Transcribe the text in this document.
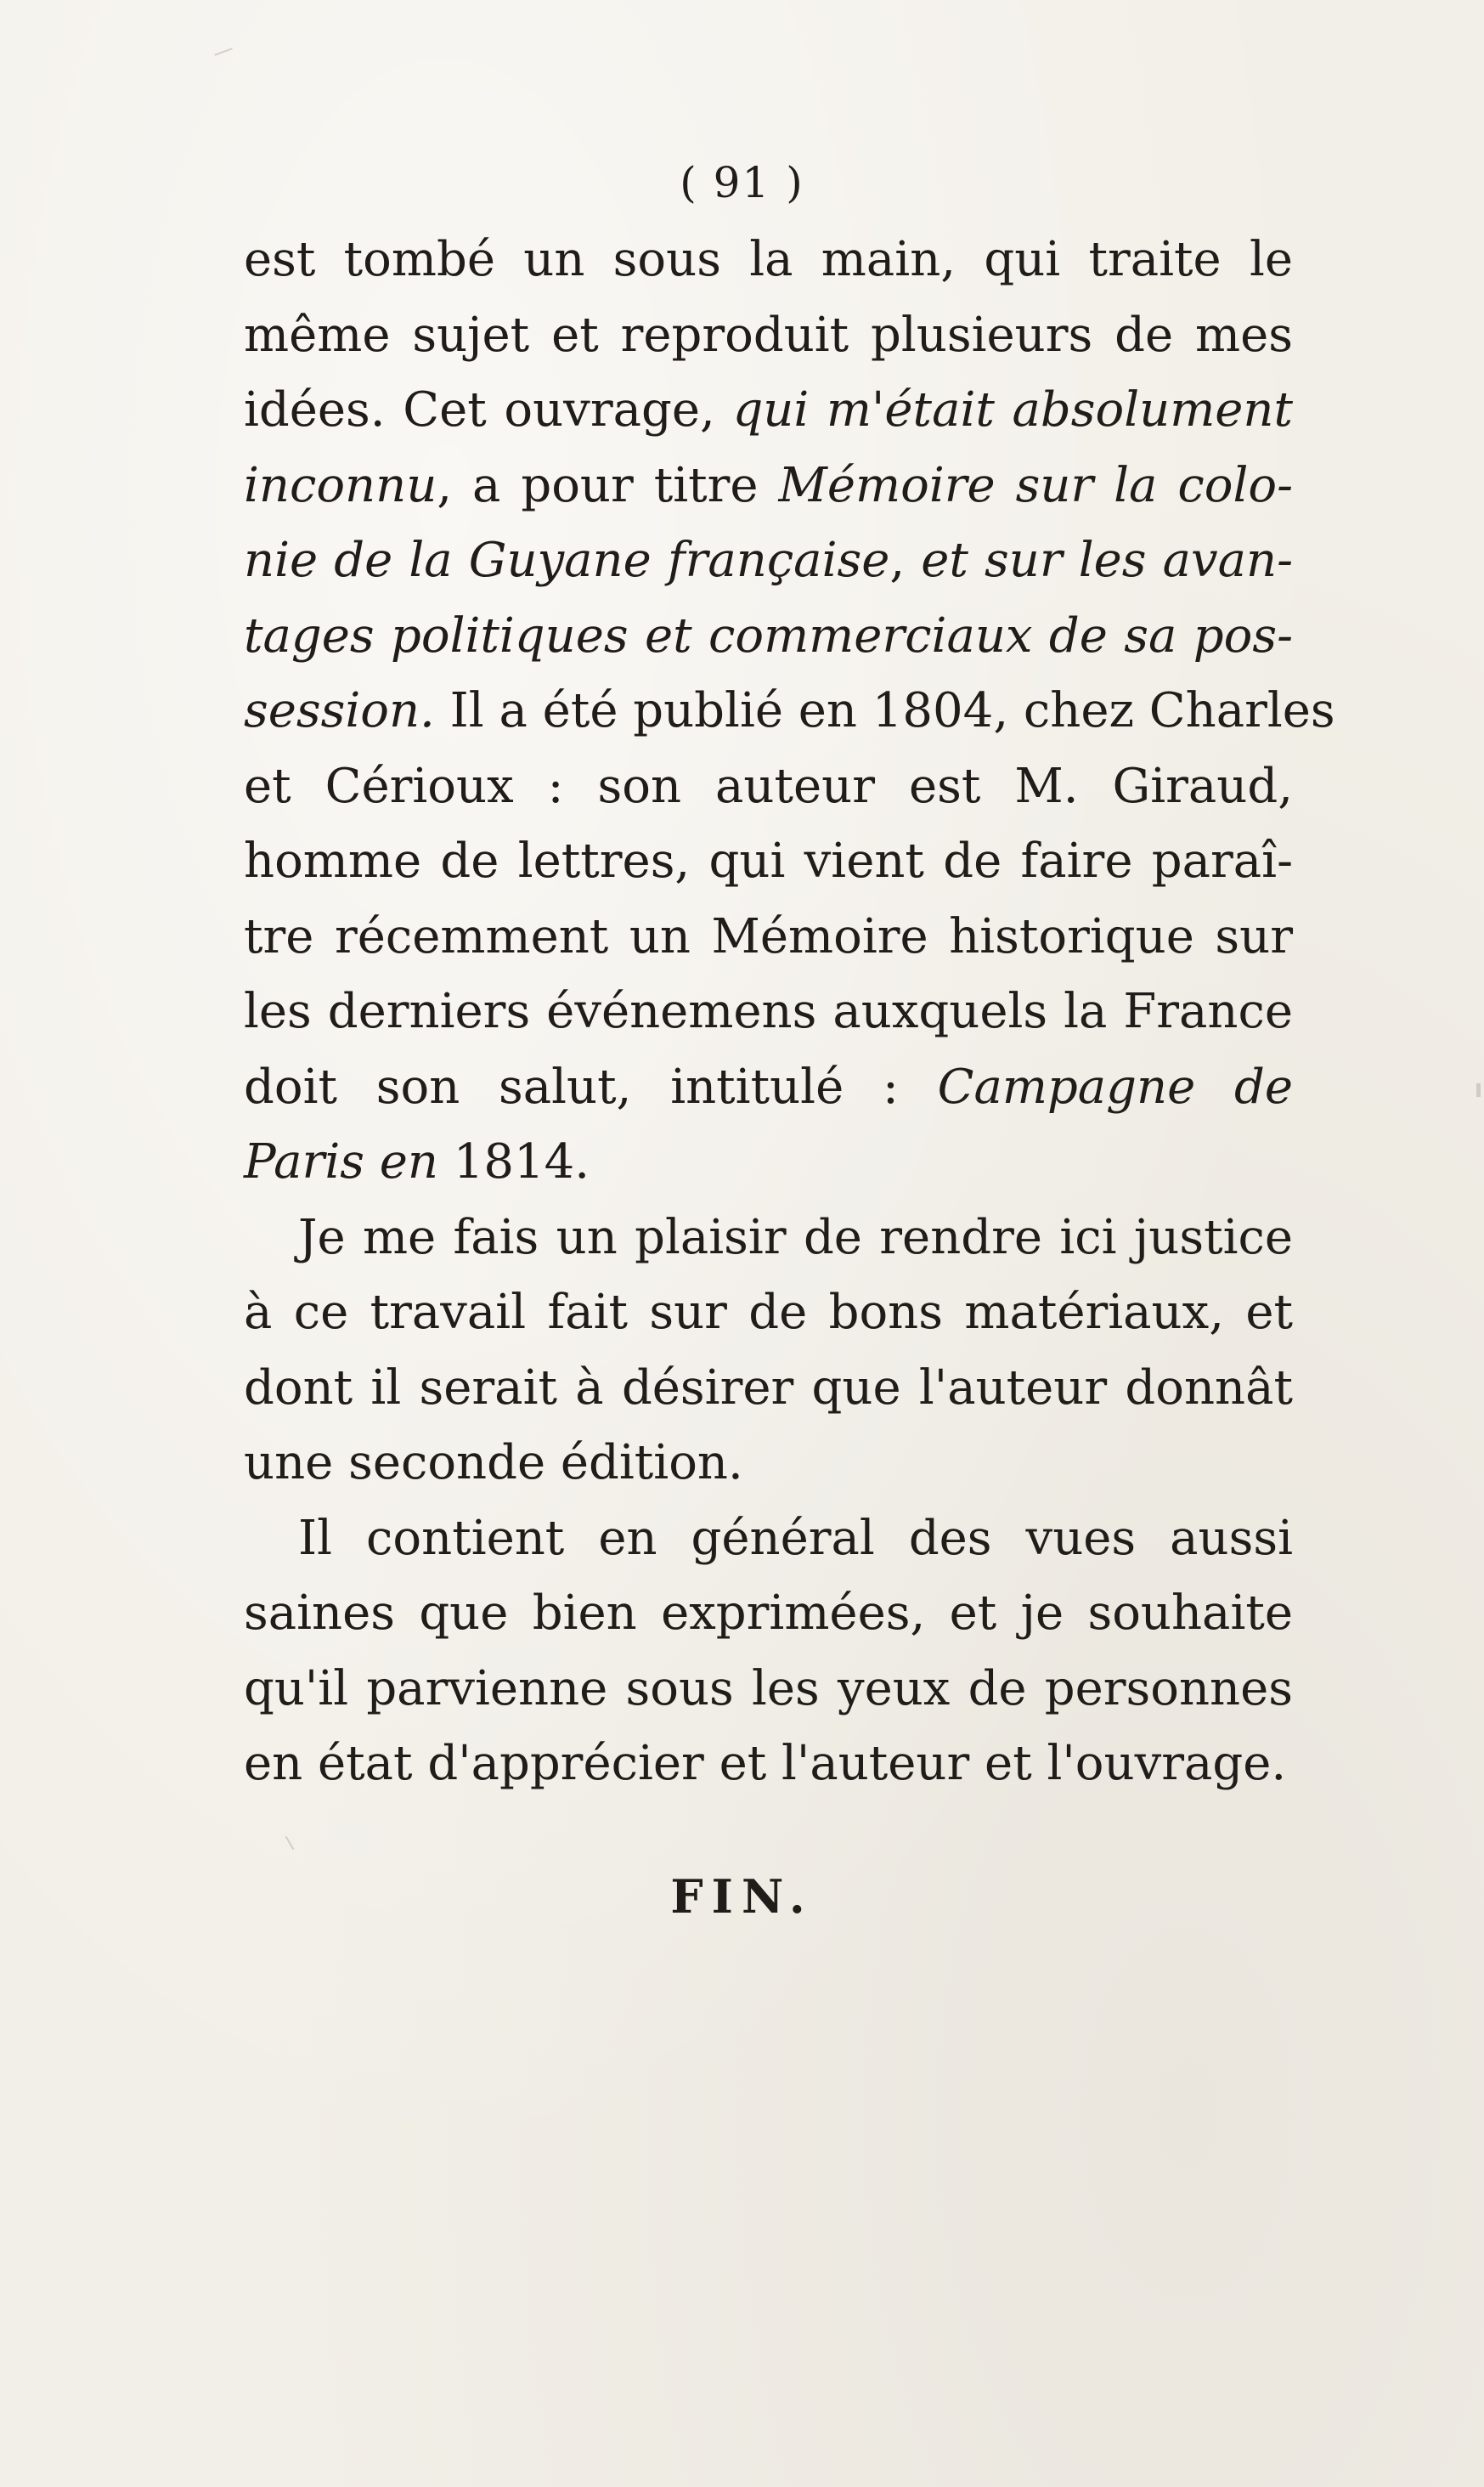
( 91 )
est tombé un sous la main, qui traite le
même sujet et reproduit plusieurs de mes
idées. Cet ouvrage, qui m'était absolument
inconnu, a pour titre Mémoire sur la colo-
nie de la Guyane française, et sur les avan-
tages politiques et commerciaux de sa pos-
session. Il a été publié en 1804, chez Charles
et Cérioux : son auteur est M. Giraud,
homme de lettres, qui vient de faire paraî-
tre récemment un Mémoire historique sur
les derniers événemens auxquels la France
doit son salut, intitulé : Campagne de
Paris en 1814.
Je me fais un plaisir de rendre ici justice
à ce travail fait sur de bons matériaux, et
dont il serait à désirer que l'auteur donnât
une seconde édition.
Il contient en général des vues aussi
saines que bien exprimées, et je souhaite
qu'il parvienne sous les yeux de personnes
en état d'apprécier et l'auteur et l'ouvrage.
FIN.
